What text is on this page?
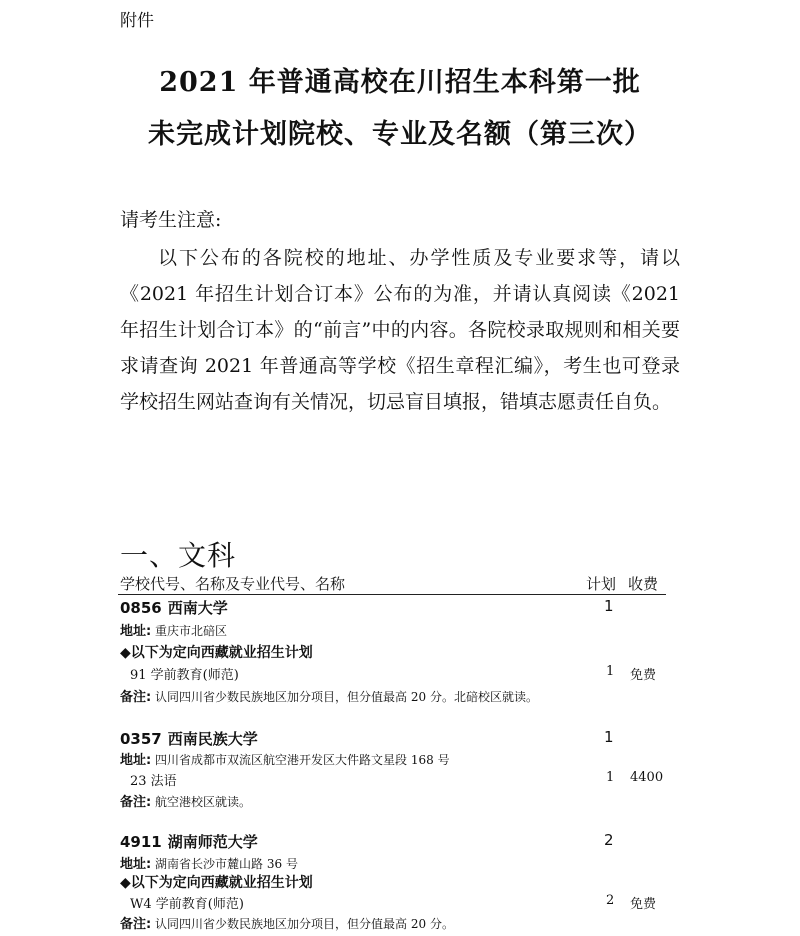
附件
2021 年普通高校在川招生本科第一批
未完成计划院校、专业及名额（第三次）
请考生注意:
以下公布的各院校的地址、办学性质及专业要求等，请以《2021 年招生计划合订本》公布的为准，并请认真阅读《2021 年招生计划合订本》的“前言”中的内容。各院校录取规则和相关要求请查询 2021 年普通高等学校《招生章程汇编》，考生也可登录学校招生网站查询有关情况，切忌盲目填报，错填志愿责任自负。
一、文科
学校代号、名称及专业代号、名称	计划 收费
0856 西南大学	1
地址: 重庆市北碚区
◆以下为定向西藏就业招生计划
91 学前教育(师范)	1 免费
备注: 认同四川省少数民族地区加分项目，但分值最高 20 分。北碚校区就读。
0357 西南民族大学	1
地址: 四川省成都市双流区航空港开发区大件路文星段 168 号
23 法语	1 4400
备注: 航空港校区就读。
4911 湖南师范大学	2
地址: 湖南省长沙市麓山路 36 号
◆以下为定向西藏就业招生计划
W4 学前教育(师范)	2 免费
备注: 认同四川省少数民族地区加分项目，但分值最高 20 分。
